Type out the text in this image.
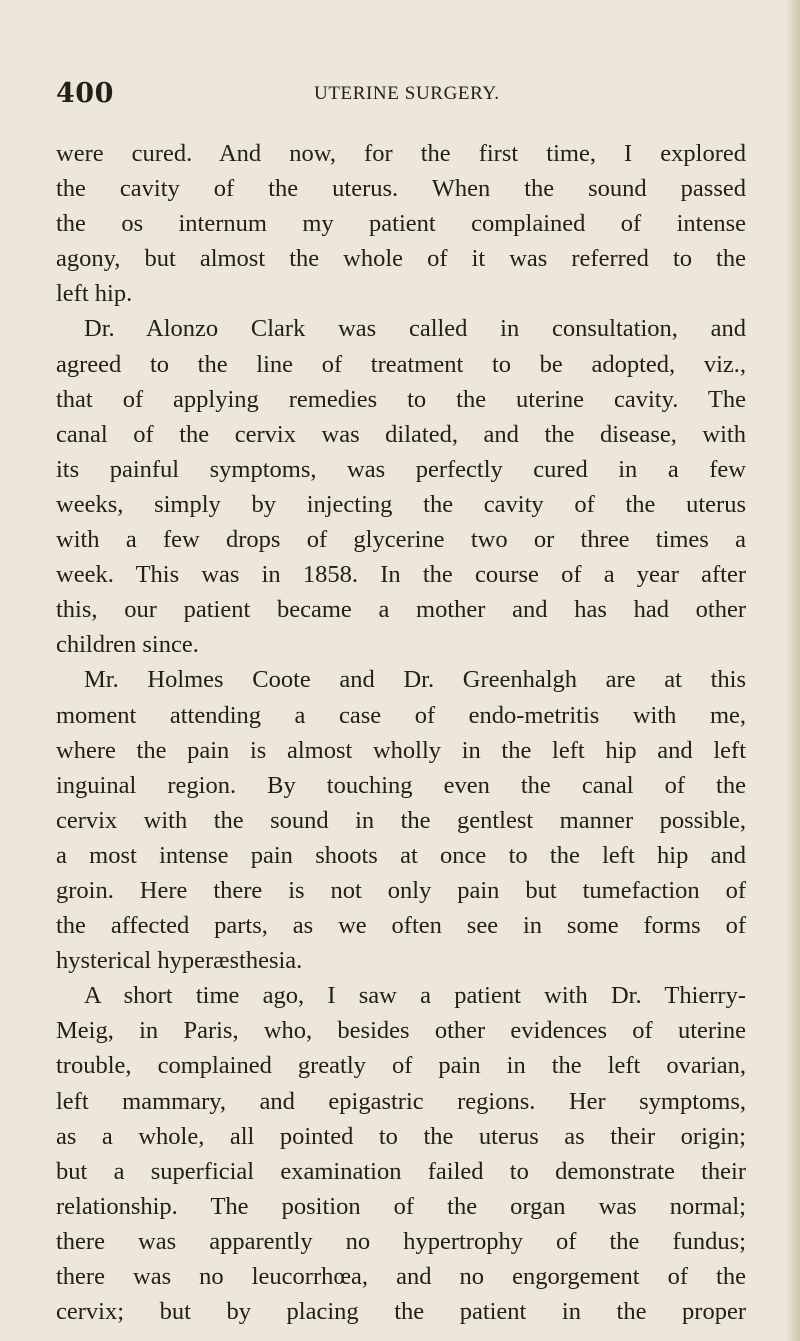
400	UTERINE SURGERY.
were cured. And now, for the first time, I explored
the cavity of the uterus. When the sound passed
the os internum my patient complained of intense
agony, but almost the whole of it was referred to the
left hip.
Dr. Alonzo Clark was called in consultation, and
agreed to the line of treatment to be adopted, viz.,
that of applying remedies to the uterine cavity. The
canal of the cervix was dilated, and the disease, with
its painful symptoms, was perfectly cured in a few
weeks, simply by injecting the cavity of the uterus
with a few drops of glycerine two or three times a
week. This was in 1858. In the course of a year after
this, our patient became a mother and has had other
children since.
Mr. Holmes Coote and Dr. Greenhalgh are at this
moment attending a case of endo-metritis with me,
where the pain is almost wholly in the left hip and left
inguinal region. By touching even the canal of the
cervix with the sound in the gentlest manner possible,
a most intense pain shoots at once to the left hip and
groin. Here there is not only pain but tumefaction of
the affected parts, as we often see in some forms of
hysterical hyperæsthesia.
A short time ago, I saw a patient with Dr. Thierry-
Meig, in Paris, who, besides other evidences of uterine
trouble, complained greatly of pain in the left ovarian,
left mammary, and epigastric regions. Her symptoms,
as a whole, all pointed to the uterus as their origin;
but a superficial examination failed to demonstrate their
relationship. The position of the organ was normal;
there was apparently no hypertrophy of the fundus;
there was no leucorrhœa, and no engorgement of the
cervix; but by placing the patient in the proper
